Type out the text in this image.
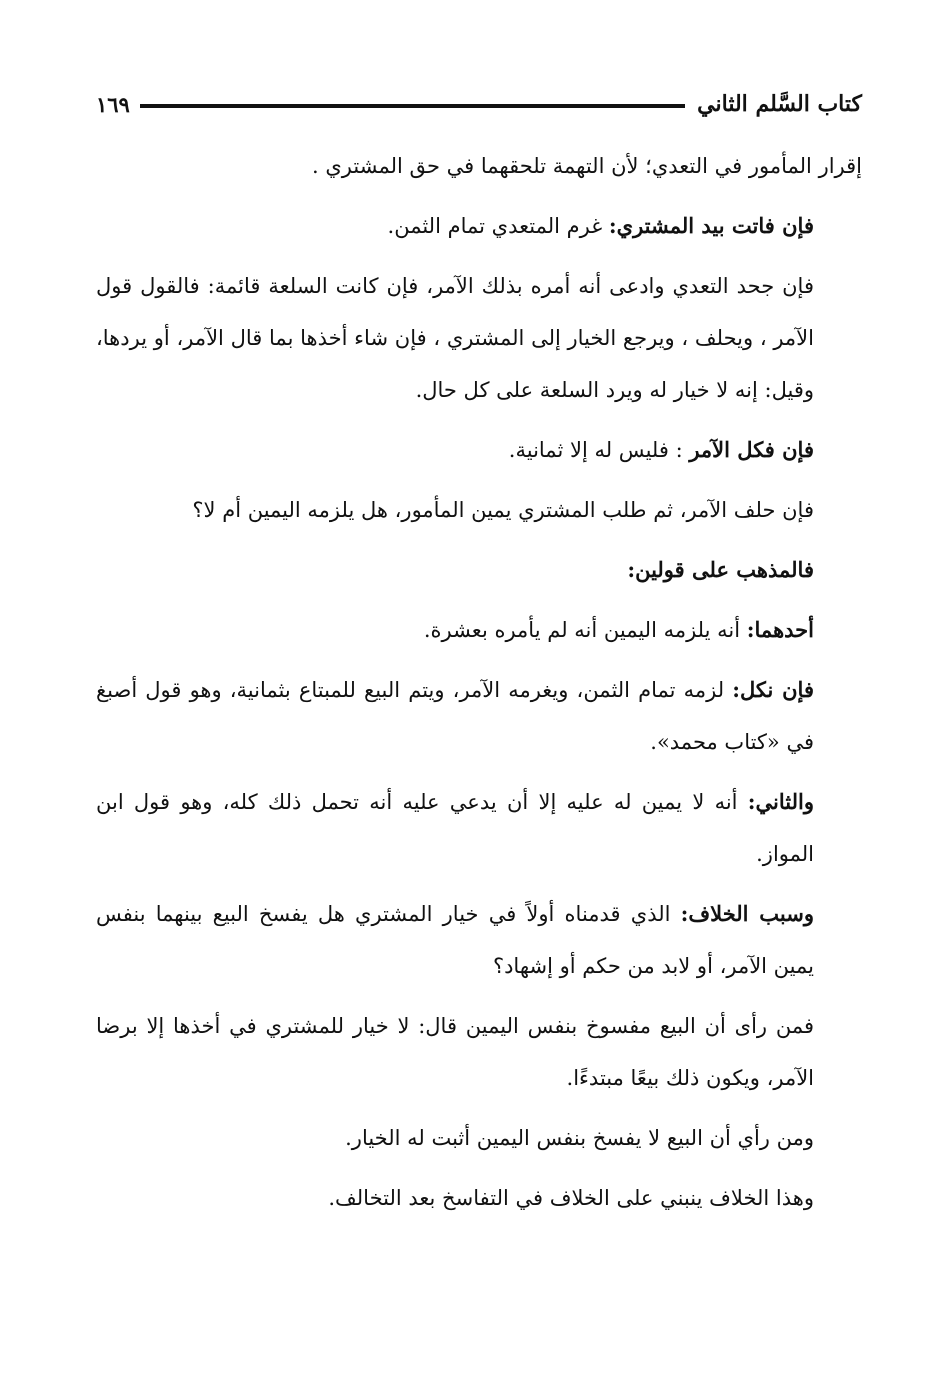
كتاب السَّلم الثاني
١٦٩

إقرار المأمور في التعدي؛ لأن التهمة تلحقهما في حق المشتري .

فإن فاتت بيد المشتري: غرم المتعدي تمام الثمن.

فإن جحد التعدي وادعى أنه أمره بذلك الآمر، فإن كانت السلعة قائمة: فالقول قول الآمر ، ويحلف ، ويرجع الخيار إلى المشتري ، فإن شاء أخذها بما قال الآمر، أو يردها، وقيل: إنه لا خيار له ويرد السلعة على كل حال.

فإن فكل الآمر : فليس له إلا ثمانية.

فإن حلف الآمر، ثم طلب المشتري يمين المأمور، هل يلزمه اليمين أم لا؟

فالمذهب على قولين:

أحدهما: أنه يلزمه اليمين أنه لم يأمره بعشرة.

فإن نكل: لزمه تمام الثمن، ويغرمه الآمر، ويتم البيع للمبتاع بثمانية، وهو قول أصبغ في «كتاب محمد».

والثاني: أنه لا يمين له عليه إلا أن يدعي عليه أنه تحمل ذلك كله، وهو قول ابن المواز.

وسبب الخلاف: الذي قدمناه أولاً في خيار المشتري هل يفسخ البيع بينهما بنفس يمين الآمر، أو لابد من حكم أو إشهاد؟

فمن رأى أن البيع مفسوخ بنفس اليمين قال: لا خيار للمشتري في أخذها إلا برضا الآمر، ويكون ذلك بيعًا مبتدءًا.

ومن رأي أن البيع لا يفسخ بنفس اليمين أثبت له الخيار.

وهذا الخلاف ينبني على الخلاف في التفاسخ بعد التخالف.
